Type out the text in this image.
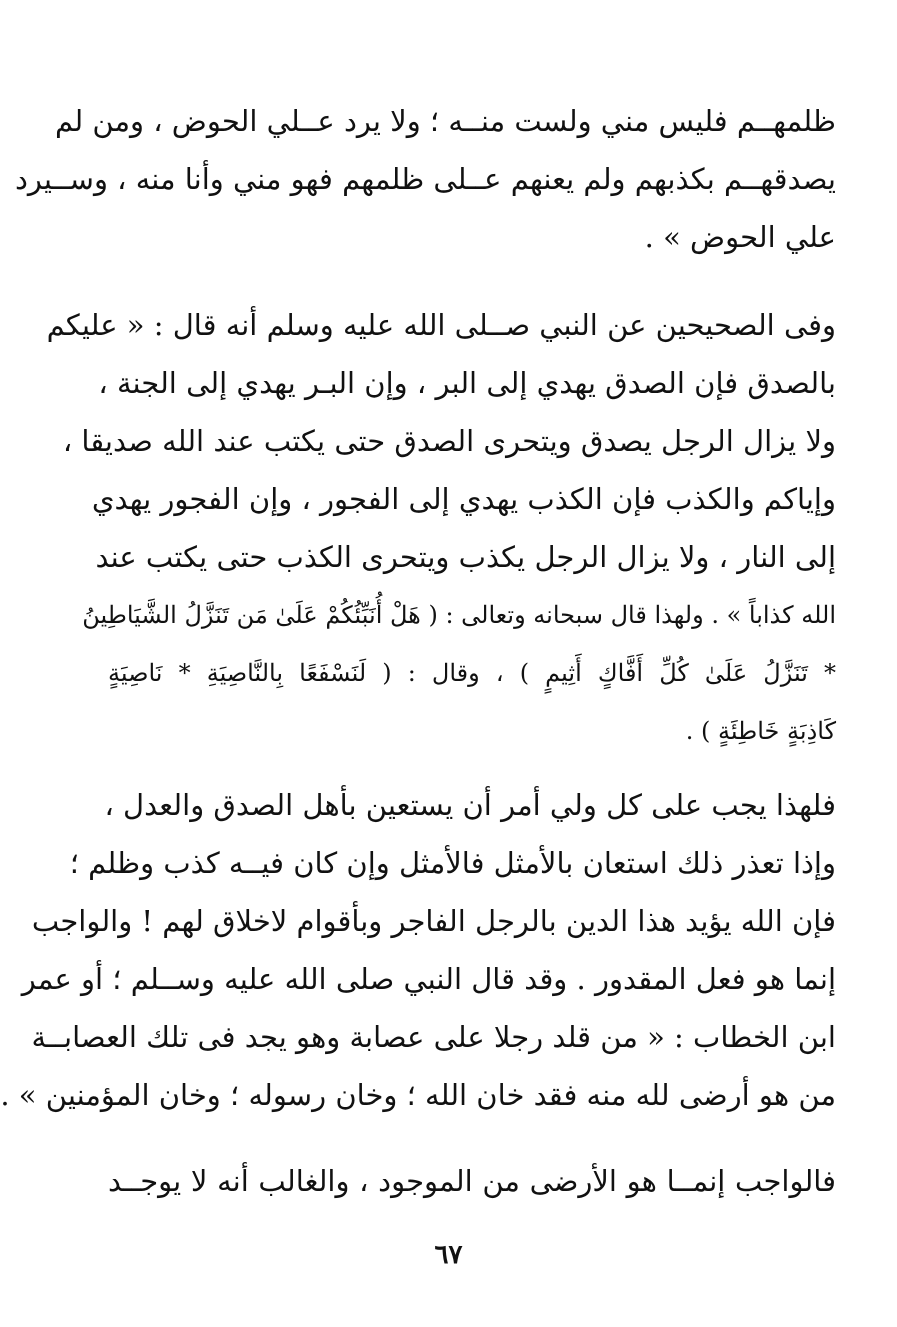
ظلمهــم فليس مني ولست منــه ؛ ولا يرد عــلي الحوض ، ومن لم
يصدقهــم بكذبهم ولم يعنهم عــلى ظلمهم فهو مني وأنا منه ، وســيرد
علي الحوض » .
وفى الصحيحين عن النبي صــلى الله عليه وسلم أنه قال : « عليكم
بالصدق فإن الصدق يهدي إلى البر ، وإن البـر يهدي إلى الجنة ،
ولا يزال الرجل يصدق ويتحرى الصدق حتى يكتب عند الله صديقا ،
وإياكم والكذب فإن الكذب يهدي إلى الفجور ، وإن الفجور يهدي
إلى النار ، ولا يزال الرجل يكذب ويتحرى الكذب حتى يكتب عند
الله كذاباً » . ولهذا قال سبحانه وتعالى : ( هَلْ أُنَبِّئُكُمْ عَلَىٰ مَن تَنَزَّلُ الشَّيَاطِينُ
* تَنَزَّلُ عَلَىٰ كُلِّ أَفَّاكٍ أَثِيمٍ ) ، وقال : ( لَنَسْفَعًا بِالنَّاصِيَةِ * نَاصِيَةٍ
كَاذِبَةٍ خَاطِئَةٍ ) .
فلهذا يجب على كل ولي أمر أن يستعين بأهل الصدق والعدل ،
وإذا تعذر ذلك استعان بالأمثل فالأمثل وإن كان فيــه كذب وظلم ؛
فإن الله يؤيد هذا الدين بالرجل الفاجر وبأقوام لاخلاق لهم ! والواجب
إنما هو فعل المقدور . وقد قال النبي صلى الله عليه وســلم ؛ أو عمر
ابن الخطاب : « من قلد رجلا على عصابة وهو يجد فى تلك العصابــة
من هو أرضى لله منه فقد خان الله ؛ وخان رسوله ؛ وخان المؤمنين » .
فالواجب إنمــا هو الأرضى من الموجود ، والغالب أنه لا يوجــد
٦٧
